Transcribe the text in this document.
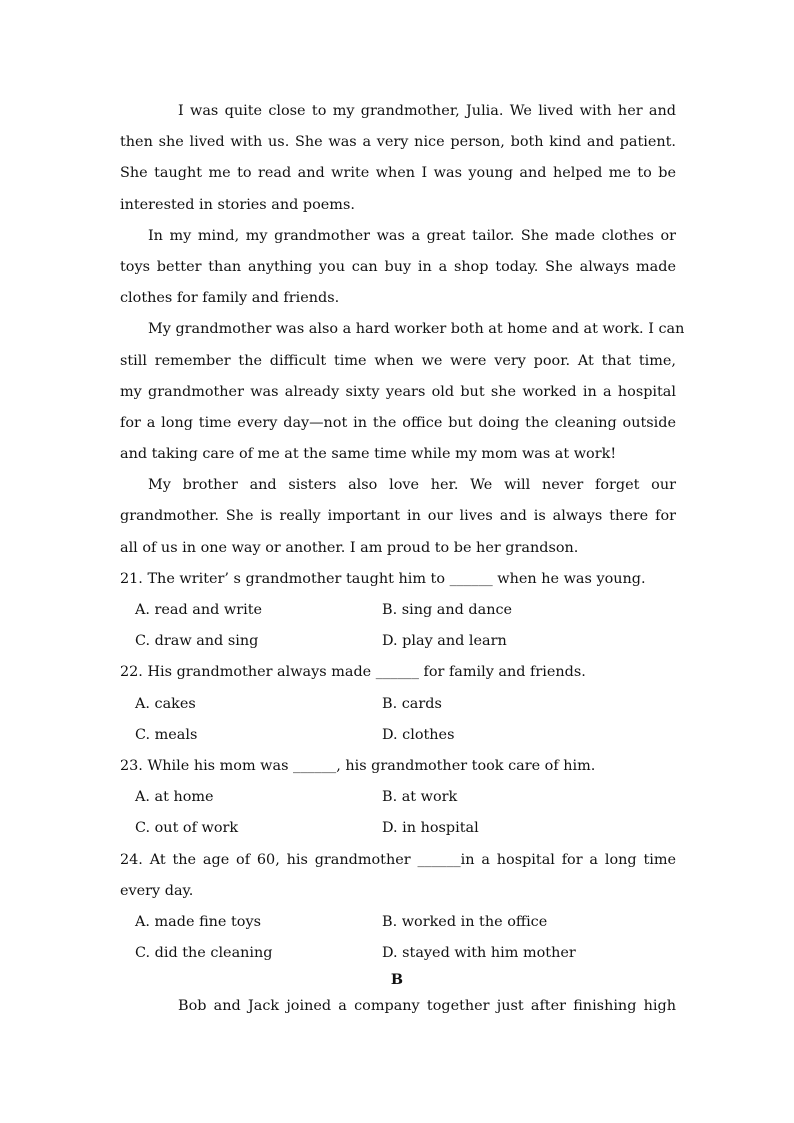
I was quite close to my grandmother, Julia. We lived with her and
then she lived with us. She was a very nice person, both kind and patient.
She taught me to read and write when I was young and helped me to be
interested in stories and poems.
In my mind, my grandmother was a great tailor. She made clothes or
toys better than anything you can buy in a shop today. She always made
clothes for family and friends.
My grandmother was also a hard worker both at home and at work. I can
still remember the difficult time when we were very poor. At that time,
my grandmother was already sixty years old but she worked in a hospital
for a long time every day—not in the office but doing the cleaning outside
and taking care of me at the same time while my mom was at work!
My brother and sisters also love her. We will never forget our
grandmother. She is really important in our lives and is always there for
all of us in one way or another. I am proud to be her grandson.
21. The writer’ s grandmother taught him to ______ when he was young.
A. read and write	B. sing and dance
C. draw and sing	D. play and learn
22. His grandmother always made ______ for family and friends.
A. cakes	B. cards
C. meals	D. clothes
23. While his mom was ______, his grandmother took care of him.
A. at home	B. at work
C. out of work	D. in hospital
24. At the age of 60, his grandmother ______in a hospital for a long time
every day.
A. made fine toys	B. worked in the office
C. did the cleaning	D. stayed with him mother
B
Bob and Jack joined a company together just after finishing high
